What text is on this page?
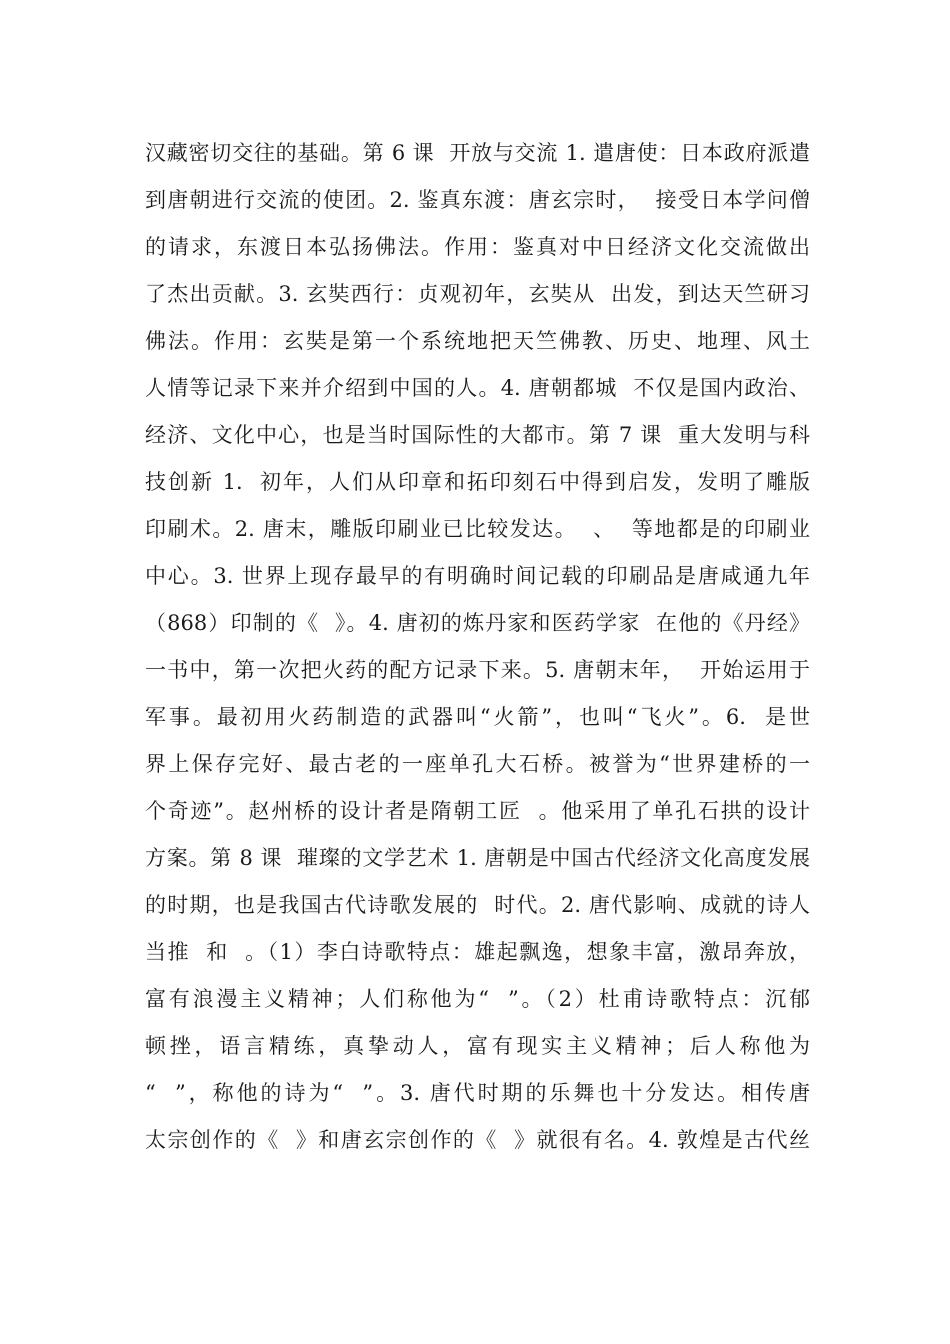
汉藏密切交往的基础。第 6 课  开放与交流 1. 遣唐使：日本政府派遣
到唐朝进行交流的使团。2. 鉴真东渡：唐玄宗时，  接受日本学问僧
的请求，东渡日本弘扬佛法。作用：鉴真对中日经济文化交流做出
了杰出贡献。3. 玄奘西行：贞观初年，玄奘从  出发，到达天竺研习
佛法。作用：玄奘是第一个系统地把天竺佛教、历史、地理、风土
人情等记录下来并介绍到中国的人。4. 唐朝都城  不仅是国内政治、
经济、文化中心，也是当时国际性的大都市。第 7 课  重大发明与科
技创新 1.  初年，人们从印章和拓印刻石中得到启发，发明了雕版
印刷术。2. 唐末，雕版印刷业已比较发达。  、  等地都是的印刷业
中心。3. 世界上现存最早的有明确时间记载的印刷品是唐咸通九年
（868）印制的《  》。4. 唐初的炼丹家和医药学家  在他的《丹经》
一书中，第一次把火药的配方记录下来。5. 唐朝末年，  开始运用于
军事。最初用火药制造的武器叫“火箭”，也叫“飞火”。6.  是世
界上保存完好、最古老的一座单孔大石桥。被誉为“世界建桥的一
个奇迹”。赵州桥的设计者是隋朝工匠  。他采用了单孔石拱的设计
方案。第 8 课  璀璨的文学艺术 1. 唐朝是中国古代经济文化高度发展
的时期，也是我国古代诗歌发展的  时代。2. 唐代影响、成就的诗人
当推  和  。（1）李白诗歌特点：雄起飘逸，想象丰富，激昂奔放，
富有浪漫主义精神；人们称他为“  ”。（2）杜甫诗歌特点：沉郁
顿挫，语言精练，真挚动人，富有现实主义精神；后人称他为
“  ”，称他的诗为“  ”。3. 唐代时期的乐舞也十分发达。相传唐
太宗创作的《  》和唐玄宗创作的《  》就很有名。4. 敦煌是古代丝
